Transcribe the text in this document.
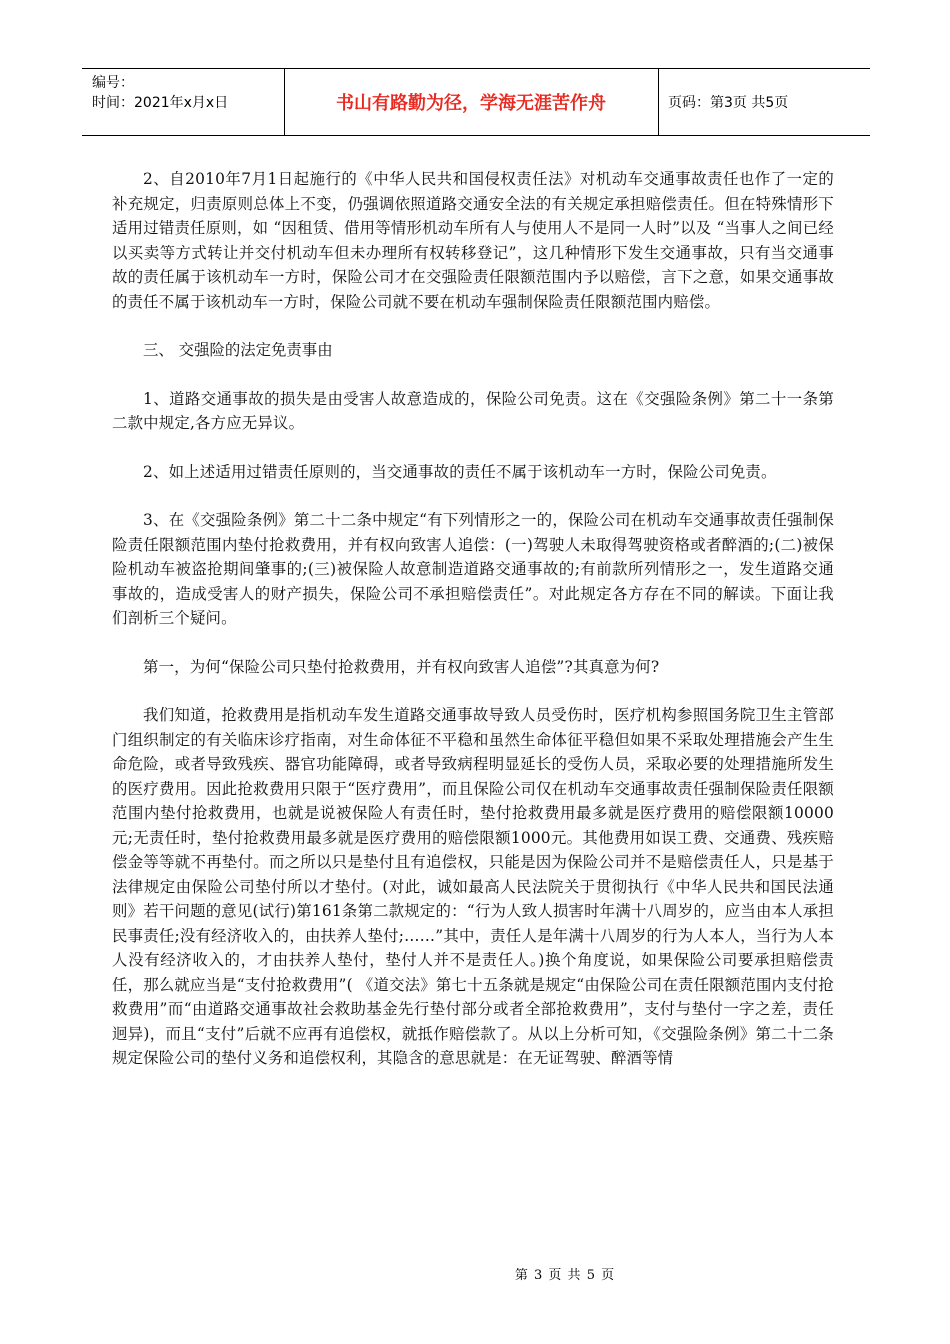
编号：
时间：2021年x月x日	书山有路勤为径，学海无涯苦作舟	页码：第3页 共5页

2、自2010年7月1日起施行的《中华人民共和国侵权责任法》对机动车交通事故责任也作了一定的补充规定，归责原则总体上不变，仍强调依照道路交通安全法的有关规定承担赔偿责任。但在特殊情形下适用过错责任原则，如 “因租赁、借用等情形机动车所有人与使用人不是同一人时”以及 “当事人之间已经以买卖等方式转让并交付机动车但未办理所有权转移登记”，这几种情形下发生交通事故，只有当交通事故的责任属于该机动车一方时，保险公司才在交强险责任限额范围内予以赔偿，言下之意，如果交通事故的责任不属于该机动车一方时，保险公司就不要在机动车强制保险责任限额范围内赔偿。

三、 交强险的法定免责事由

1、道路交通事故的损失是由受害人故意造成的，保险公司免责。这在《交强险条例》第二十一条第二款中规定,各方应无异议。

2、如上述适用过错责任原则的，当交通事故的责任不属于该机动车一方时，保险公司免责。

3、在《交强险条例》第二十二条中规定“有下列情形之一的，保险公司在机动车交通事故责任强制保险责任限额范围内垫付抢救费用，并有权向致害人追偿：(一)驾驶人未取得驾驶资格或者醉酒的;(二)被保险机动车被盗抢期间肇事的;(三)被保险人故意制造道路交通事故的;有前款所列情形之一，发生道路交通事故的，造成受害人的财产损失，保险公司不承担赔偿责任”。对此规定各方存在不同的解读。下面让我们剖析三个疑问。

第一，为何“保险公司只垫付抢救费用，并有权向致害人追偿”?其真意为何?

我们知道，抢救费用是指机动车发生道路交通事故导致人员受伤时，医疗机构参照国务院卫生主管部门组织制定的有关临床诊疗指南，对生命体征不平稳和虽然生命体征平稳但如果不采取处理措施会产生生命危险，或者导致残疾、器官功能障碍，或者导致病程明显延长的受伤人员，采取必要的处理措施所发生的医疗费用。因此抢救费用只限于“医疗费用”，而且保险公司仅在机动车交通事故责任强制保险责任限额范围内垫付抢救费用，也就是说被保险人有责任时，垫付抢救费用最多就是医疗费用的赔偿限额10000元;无责任时，垫付抢救费用最多就是医疗费用的赔偿限额1000元。其他费用如误工费、交通费、残疾赔偿金等等就不再垫付。而之所以只是垫付且有追偿权，只能是因为保险公司并不是赔偿责任人，只是基于法律规定由保险公司垫付所以才垫付。(对此，诚如最高人民法院关于贯彻执行《中华人民共和国民法通则》若干问题的意见(试行)第161条第二款规定的：“行为人致人损害时年满十八周岁的，应当由本人承担民事责任;没有经济收入的，由扶养人垫付;……”其中，责任人是年满十八周岁的行为人本人，当行为人本人没有经济收入的，才由扶养人垫付，垫付人并不是责任人。)换个角度说，如果保险公司要承担赔偿责任，那么就应当是“支付抢救费用”( 《道交法》第七十五条就是规定“由保险公司在责任限额范围内支付抢救费用”而“由道路交通事故社会救助基金先行垫付部分或者全部抢救费用”，支付与垫付一字之差，责任迥异)，而且“支付”后就不应再有追偿权，就抵作赔偿款了。从以上分析可知，《交强险条例》第二十二条规定保险公司的垫付义务和追偿权利，其隐含的意思就是：在无证驾驶、醉酒等情

第 3 页 共 5 页
